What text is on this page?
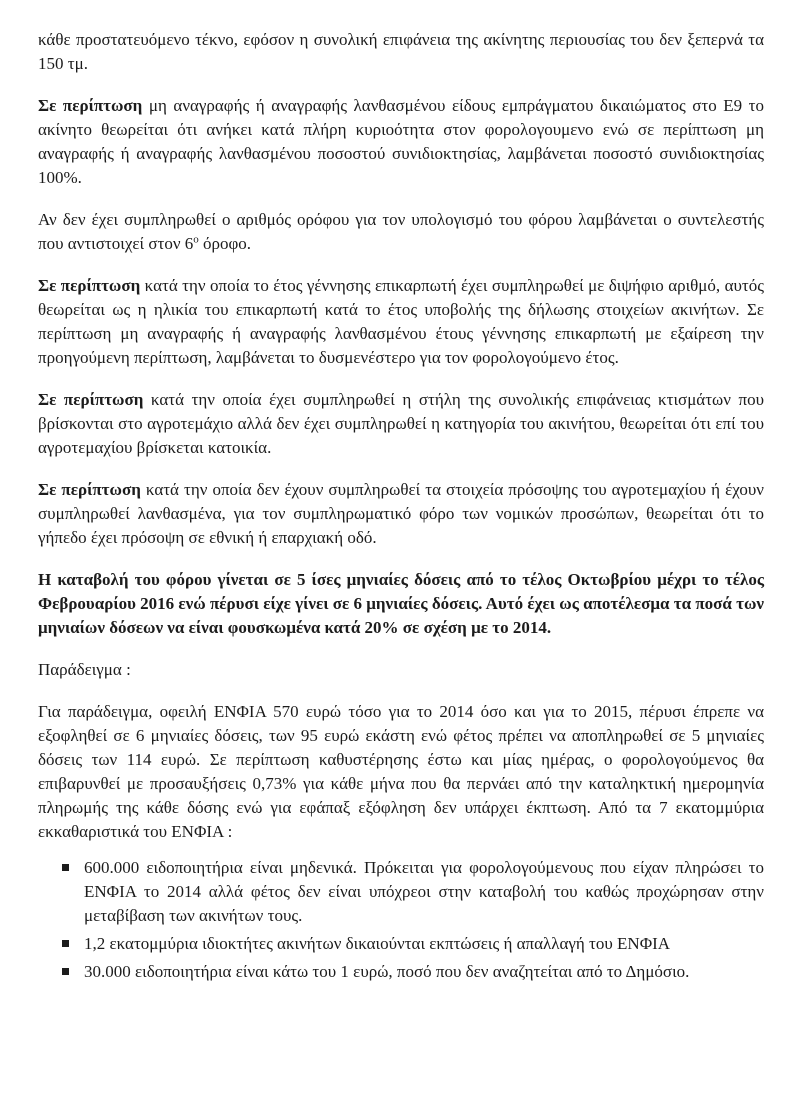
κάθε προστατευόμενο τέκνο, εφόσον η συνολική επιφάνεια της ακίνητης περιουσίας του δεν ξεπερνά τα 150 τμ.

Σε περίπτωση μη αναγραφής ή αναγραφής λανθασμένου είδους εμπράγματου δικαιώματος στο Ε9 το ακίνητο θεωρείται ότι ανήκει κατά πλήρη κυριοότητα στον φορολογουμενο ενώ σε περίπτωση μη αναγραφής ή αναγραφής λανθασμένου ποσοστού συνιδιοκτησίας, λαμβάνεται ποσοστό συνιδιοκτησίας 100%.

Αν δεν έχει συμπληρωθεί ο αριθμός ορόφου για τον υπολογισμό του φόρου λαμβάνεται ο συντελεστής που αντιστοιχεί στον $6^o$ όροφο.

Σε περίπτωση κατά την οποία το έτος γέννησης επικαρπωτή έχει συμπληρωθεί με διψήφιο αριθμό, αυτός θεωρείται ως η ηλικία του επικαρπωτή κατά το έτος υποβολής της δήλωσης στοιχείων ακινήτων. Σε περίπτωση μη αναγραφής ή αναγραφής λανθασμένου έτους γέννησης επικαρπωτή με εξαίρεση την προηγούμενη περίπτωση, λαμβάνεται το δυσμενέστερο για τον φορολογούμενο έτος.

Σε περίπτωση κατά την οποία έχει συμπληρωθεί η στήλη της συνολικής επιφάνειας κτισμάτων που βρίσκονται στο αγροτεμάχιο αλλά δεν έχει συμπληρωθεί η κατηγορία του ακινήτου, θεωρείται ότι επί του αγροτεμαχίου βρίσκεται κατοικία.

Σε περίπτωση κατά την οποία δεν έχουν συμπληρωθεί τα στοιχεία πρόσοψης του αγροτεμαχίου ή έχουν συμπληρωθεί λανθασμένα, για τον συμπληρωματικό φόρο των νομικών προσώπων, θεωρείται ότι το γήπεδο έχει πρόσοψη σε εθνική ή επαρχιακή οδό.

Η καταβολή του φόρου γίνεται σε 5 ίσες μηνιαίες δόσεις από το τέλος Οκτωβρίου μέχρι το τέλος Φεβρουαρίου 2016 ενώ πέρυσι είχε γίνει σε 6 μηνιαίες δόσεις. Αυτό έχει ως αποτέλεσμα τα ποσά των μηνιαίων δόσεων να είναι φουσκωμένα κατά 20% σε σχέση με το 2014.

Παράδειγμα :

Για παράδειγμα, οφειλή ΕΝΦΙΑ 570 ευρώ τόσο για το 2014 όσο και για το 2015, πέρυσι έπρεπε να εξοφληθεί σε 6 μηνιαίες δόσεις, των 95 ευρώ εκάστη ενώ φέτος πρέπει να αποπληρωθεί σε 5 μηνιαίες δόσεις των 114 ευρώ. Σε περίπτωση καθυστέρησης έστω και μίας ημέρας, ο φορολογούμενος θα επιβαρυνθεί με προσαυξήσεις 0,73% για κάθε μήνα που θα περνάει από την καταληκτική ημερομηνία πληρωμής της κάθε δόσης ενώ για εφάπαξ εξόφληση δεν υπάρχει έκπτωση. Από τα 7 εκατομμύρια εκκαθαριστικά του ΕΝΦΙΑ :

600.000 ειδοποιητήρια είναι μηδενικά. Πρόκειται για φορολογούμενους που είχαν πληρώσει το ΕΝΦΙΑ το 2014 αλλά φέτος δεν είναι υπόχρεοι στην καταβολή του καθώς προχώρησαν στην μεταβίβαση των ακινήτων τους.
1,2 εκατομμύρια ιδιοκτήτες ακινήτων δικαιούνται εκπτώσεις ή απαλλαγή του ΕΝΦΙΑ
30.000 ειδοποιητήρια είναι κάτω του 1 ευρώ, ποσό που δεν αναζητείται από το Δημόσιο.
